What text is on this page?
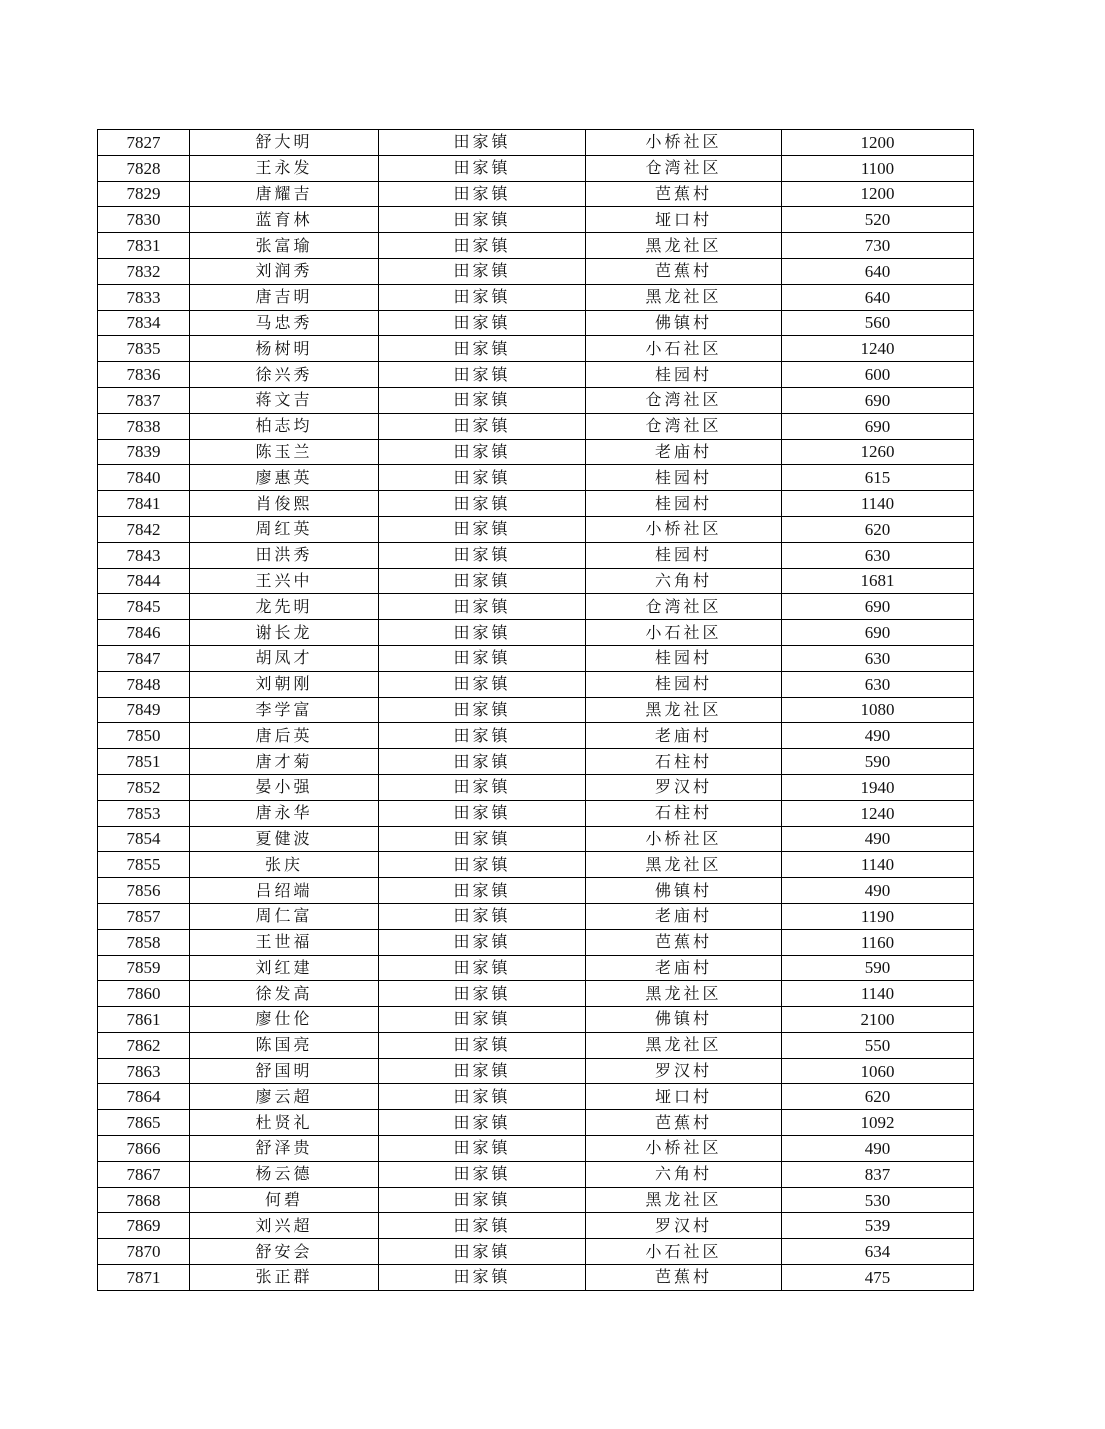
7827	舒大明	田家镇	小桥社区	1200
7828	王永发	田家镇	仓湾社区	1100
7829	唐耀吉	田家镇	芭蕉村	1200
7830	蓝育林	田家镇	垭口村	520
7831	张富瑜	田家镇	黑龙社区	730
7832	刘润秀	田家镇	芭蕉村	640
7833	唐吉明	田家镇	黑龙社区	640
7834	马忠秀	田家镇	佛镇村	560
7835	杨树明	田家镇	小石社区	1240
7836	徐兴秀	田家镇	桂园村	600
7837	蒋文吉	田家镇	仓湾社区	690
7838	柏志均	田家镇	仓湾社区	690
7839	陈玉兰	田家镇	老庙村	1260
7840	廖惠英	田家镇	桂园村	615
7841	肖俊熙	田家镇	桂园村	1140
7842	周红英	田家镇	小桥社区	620
7843	田洪秀	田家镇	桂园村	630
7844	王兴中	田家镇	六角村	1681
7845	龙先明	田家镇	仓湾社区	690
7846	谢长龙	田家镇	小石社区	690
7847	胡凤才	田家镇	桂园村	630
7848	刘朝刚	田家镇	桂园村	630
7849	李学富	田家镇	黑龙社区	1080
7850	唐后英	田家镇	老庙村	490
7851	唐才菊	田家镇	石柱村	590
7852	晏小强	田家镇	罗汉村	1940
7853	唐永华	田家镇	石柱村	1240
7854	夏健波	田家镇	小桥社区	490
7855	张庆	田家镇	黑龙社区	1140
7856	吕绍端	田家镇	佛镇村	490
7857	周仁富	田家镇	老庙村	1190
7858	王世福	田家镇	芭蕉村	1160
7859	刘红建	田家镇	老庙村	590
7860	徐发高	田家镇	黑龙社区	1140
7861	廖仕伦	田家镇	佛镇村	2100
7862	陈国亮	田家镇	黑龙社区	550
7863	舒国明	田家镇	罗汉村	1060
7864	廖云超	田家镇	垭口村	620
7865	杜贤礼	田家镇	芭蕉村	1092
7866	舒泽贵	田家镇	小桥社区	490
7867	杨云德	田家镇	六角村	837
7868	何碧	田家镇	黑龙社区	530
7869	刘兴超	田家镇	罗汉村	539
7870	舒安会	田家镇	小石社区	634
7871	张正群	田家镇	芭蕉村	475
